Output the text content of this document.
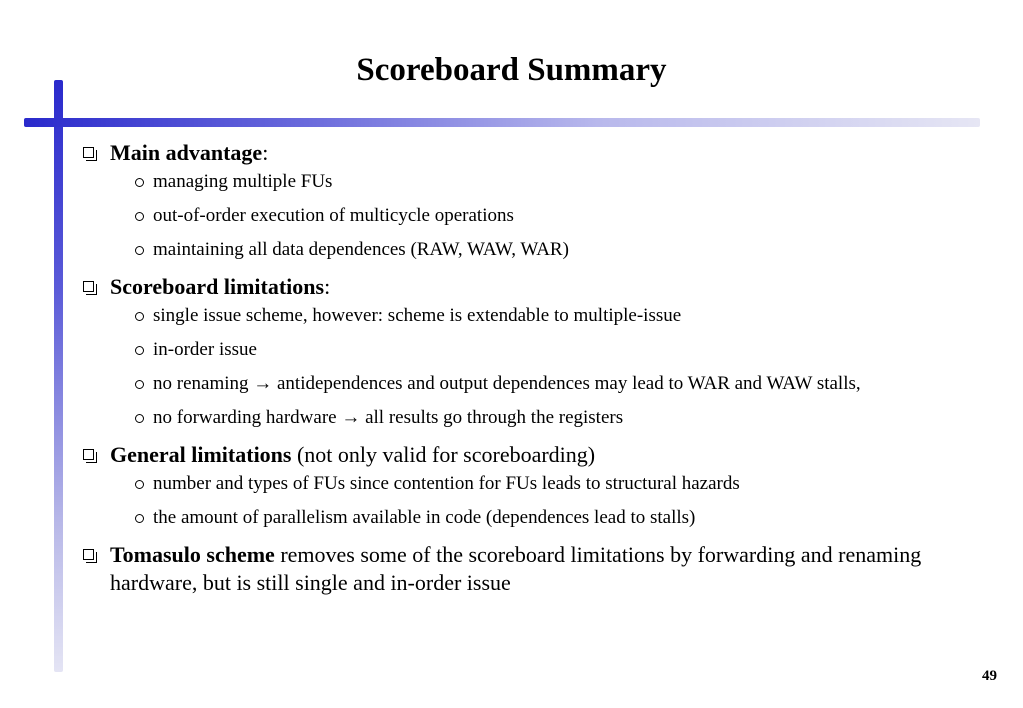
Scoreboard Summary
Main advantage:
managing multiple FUs
out-of-order execution of multicycle operations
maintaining all data dependences (RAW, WAW, WAR)
Scoreboard limitations:
single issue scheme, however: scheme is extendable to multiple-issue
in-order issue
no renaming → antidependences and output dependences may lead to WAR and WAW stalls,
no forwarding hardware → all results go through the registers
General limitations (not only valid for scoreboarding)
number and types of FUs since contention for FUs leads to structural hazards
the amount of parallelism available in code (dependences lead to stalls)
Tomasulo scheme removes some of the scoreboard limitations by forwarding and renaming hardware, but is still single and in-order issue
49
